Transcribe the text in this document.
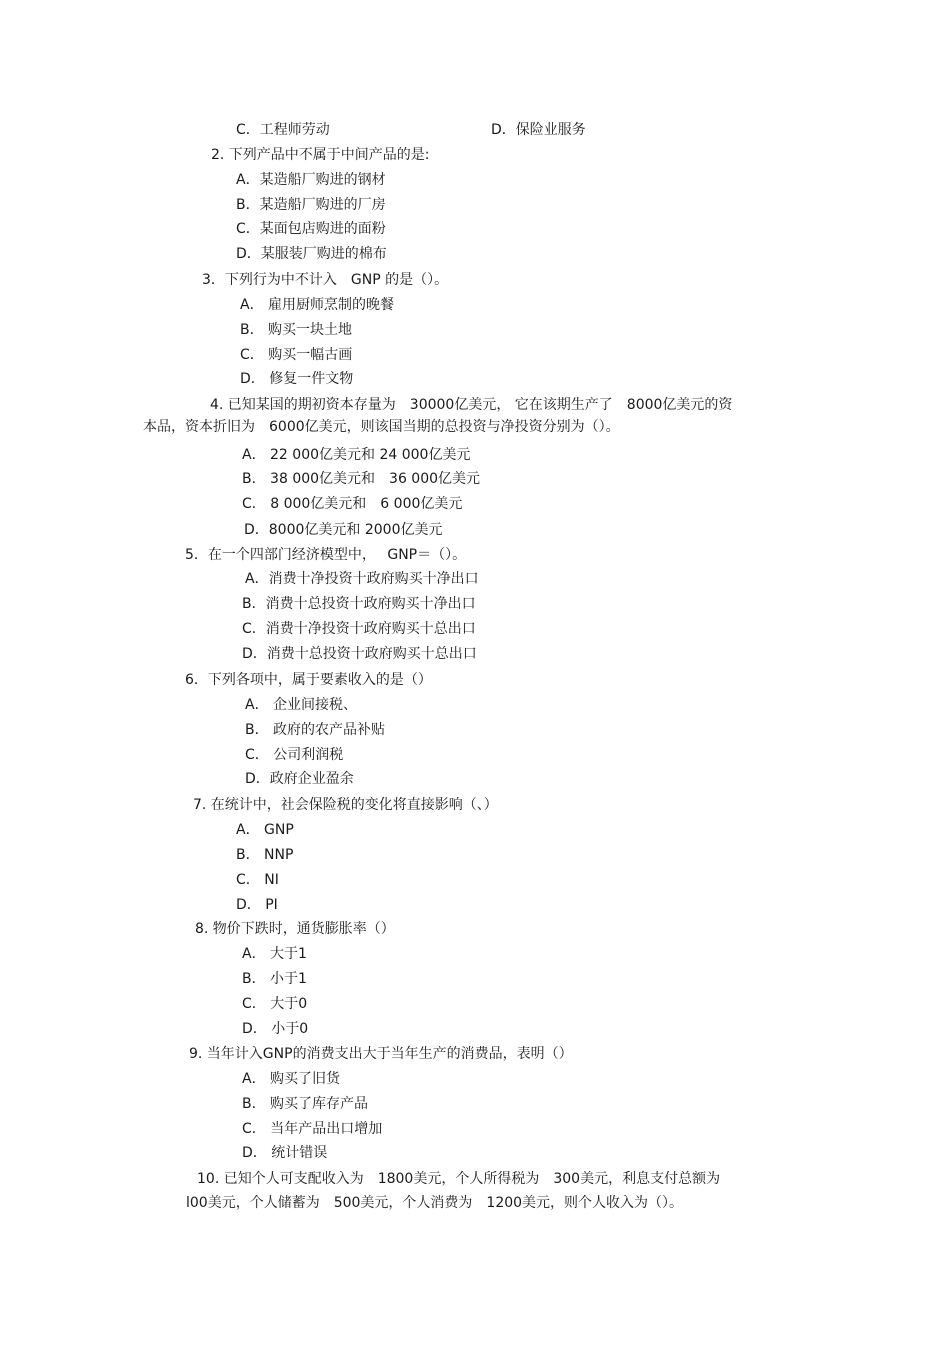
C．工程师劳动	D．保险业服务
2. 下列产品中不属于中间产品的是:
A．某造船厂购进的钢材
B．某造船厂购进的厂房
C．某面包店购进的面粉
D．某服装厂购进的棉布
3．下列行为中不计入　GNP 的是（）。
A． 雇用厨师烹制的晚餐
B． 购买一块土地
C． 购买一幅古画
D． 修复一件文物
4. 已知某国的期初资本存量为　30000亿美元， 它在该期生产了　8000亿美元的资
本品，资本折旧为　6000亿美元，则该国当期的总投资与净投资分别为（）。
A． 22 000亿美元和 24 000亿美元
B． 38 000亿美元和　36 000亿美元
C． 8 000亿美元和　6 000亿美元
D．8000亿美元和 2000亿美元
5．在一个四部门经济模型中，　 GNP＝（）。
A．消费十净投资十政府购买十净出口
B．消费十总投资十政府购买十净出口
C．消费十净投资十政府购买十总出口
D．消费十总投资十政府购买十总出口
6．下列各项中，属于要素收入的是（）
A． 企业间接税、
B． 政府的农产品补贴
C． 公司利润税
D．政府企业盈余
7. 在统计中，社会保险税的变化将直接影响（、）
A． GNP
B． NNP
C． NI
D． PI
8. 物价下跌时，通货膨胀率（）
A． 大于1
B． 小于1
C． 大于0
D． 小于0
9. 当年计入GNP的消费支出大于当年生产的消费品，表明（）
A． 购买了旧货
B． 购买了库存产品
C． 当年产品出口增加
D． 统计错误
10. 已知个人可支配收入为　1800美元，个人所得税为　300美元，利息支付总额为
l00美元，个人储蓄为　500美元，个人消费为　1200美元，则个人收入为（）。
